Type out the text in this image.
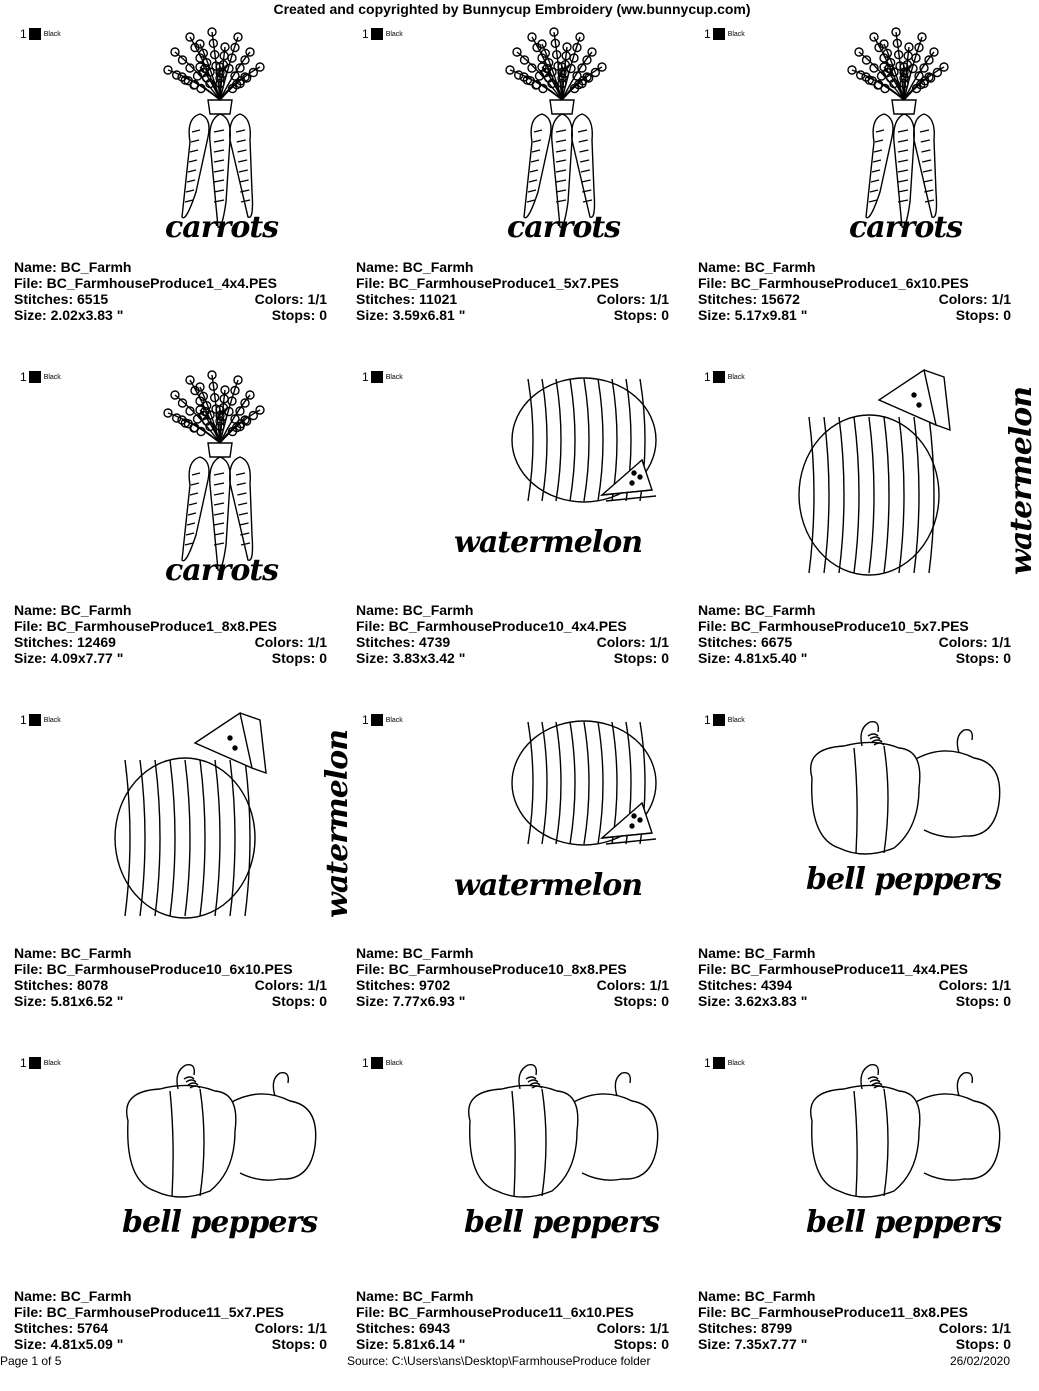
Created and copyrighted by Bunnycup Embroidery (ww.bunnycup.com)
1 Black
carrots
Name: BC_Farmh
File: BC_FarmhouseProduce1_4x4.PES
Stitches: 6515	Colors: 1/1
Size: 2.02x3.83 "	Stops: 0
1 Black
carrots
Name: BC_Farmh
File: BC_FarmhouseProduce1_5x7.PES
Stitches: 11021	Colors: 1/1
Size: 3.59x6.81 "	Stops: 0
1 Black
carrots
Name: BC_Farmh
File: BC_FarmhouseProduce1_6x10.PES
Stitches: 15672	Colors: 1/1
Size: 5.17x9.81 "	Stops: 0
1 Black
carrots
Name: BC_Farmh
File: BC_FarmhouseProduce1_8x8.PES
Stitches: 12469	Colors: 1/1
Size: 4.09x7.77 "	Stops: 0
1 Black
watermelon
Name: BC_Farmh
File: BC_FarmhouseProduce10_4x4.PES
Stitches: 4739	Colors: 1/1
Size: 3.83x3.42 "	Stops: 0
1 Black
watermelon
Name: BC_Farmh
File: BC_FarmhouseProduce10_5x7.PES
Stitches: 6675	Colors: 1/1
Size: 4.81x5.40 "	Stops: 0
1 Black
watermelon
Name: BC_Farmh
File: BC_FarmhouseProduce10_6x10.PES
Stitches: 8078	Colors: 1/1
Size: 5.81x6.52 "	Stops: 0
1 Black
watermelon
Name: BC_Farmh
File: BC_FarmhouseProduce10_8x8.PES
Stitches: 9702	Colors: 1/1
Size: 7.77x6.93 "	Stops: 0
1 Black
bell peppers
Name: BC_Farmh
File: BC_FarmhouseProduce11_4x4.PES
Stitches: 4394	Colors: 1/1
Size: 3.62x3.83 "	Stops: 0
1 Black
bell peppers
Name: BC_Farmh
File: BC_FarmhouseProduce11_5x7.PES
Stitches: 5764	Colors: 1/1
Size: 4.81x5.09 "	Stops: 0
1 Black
bell peppers
Name: BC_Farmh
File: BC_FarmhouseProduce11_6x10.PES
Stitches: 6943	Colors: 1/1
Size: 5.81x6.14 "	Stops: 0
1 Black
bell peppers
Name: BC_Farmh
File: BC_FarmhouseProduce11_8x8.PES
Stitches: 8799	Colors: 1/1
Size: 7.35x7.77 "	Stops: 0
Page 1 of 5	Source: C:\Users\ans\Desktop\FarmhouseProduce folder	26/02/2020
